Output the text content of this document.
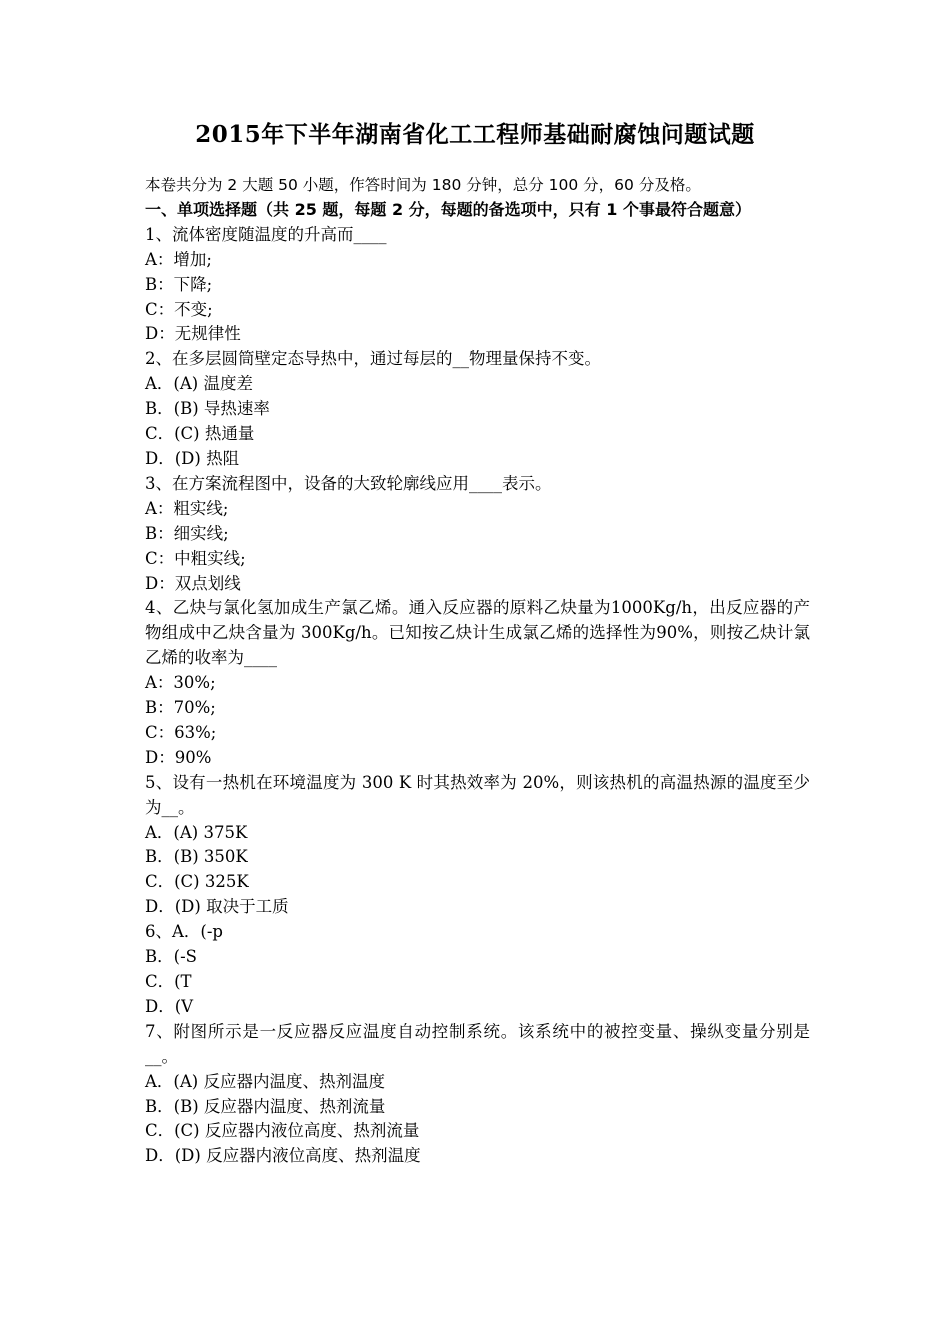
2015年下半年湖南省化工工程师基础耐腐蚀问题试题
本卷共分为 2 大题 50 小题，作答时间为 180 分钟，总分 100 分，60 分及格。
一、单项选择题（共 25 题，每题 2 分，每题的备选项中，只有 1 个事最符合题意）
1、流体密度随温度的升高而____
A：增加;
B：下降;
C：不变;
D：无规律性
2、在多层圆筒壁定态导热中，通过每层的__物理量保持不变。
A．(A) 温度差
B．(B) 导热速率
C．(C) 热通量
D．(D) 热阻
3、在方案流程图中，设备的大致轮廓线应用____表示。
A：粗实线;
B：细实线;
C：中粗实线;
D：双点划线
4、乙炔与氯化氢加成生产氯乙烯。通入反应器的原料乙炔量为1000Kg/h，出反应器的产物组成中乙炔含量为 300Kg/h。已知按乙炔计生成氯乙烯的选择性为90%，则按乙炔计氯乙烯的收率为____
A：30%;
B：70%;
C：63%;
D：90%
5、设有一热机在环境温度为 300 K 时其热效率为 20%，则该热机的高温热源的温度至少为__。
A．(A) 375K
B．(B) 350K
C．(C) 325K
D．(D) 取决于工质
6、A．(-p
B．(-S
C．(T
D．(V
7、附图所示是一反应器反应温度自动控制系统。该系统中的被控变量、操纵变量分别是__。
A．(A) 反应器内温度、热剂温度
B．(B) 反应器内温度、热剂流量
C．(C) 反应器内液位高度、热剂流量
D．(D) 反应器内液位高度、热剂温度
